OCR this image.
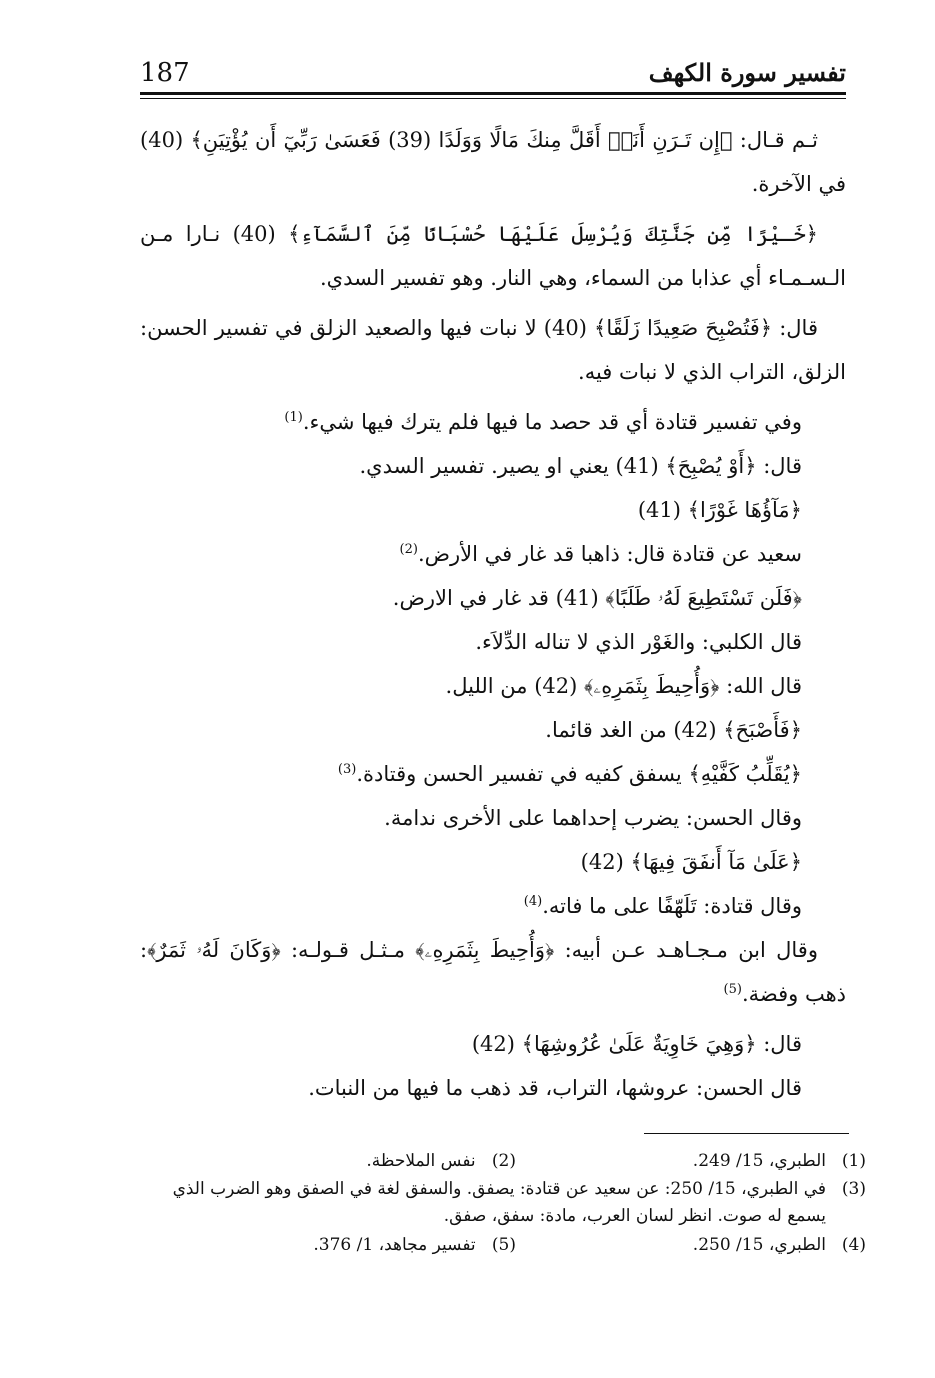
187	تفسير سورة الكهف

ثـم قـال: ﴿إِن تَـرَنِ أَنَا۠ أَقَلَّ مِنكَ مَالًا وَوَلَدًا (39) فَعَسَىٰ رَبِّيٓ أَن يُؤْتِيَنِ﴾ (40) في الآخرة.

﴿خَـيْرًا مِّن جَنَّتِكَ وَيُرْسِلَ عَلَيْهَا حُسْبَانًا مِّنَ ٱلسَّمَآءِ﴾ (40) نـارا مـن الـسـمـاء أي عذابا من السماء، وهي النار. وهو تفسير السدي.

قال: ﴿فَتُصْبِحَ صَعِيدًا زَلَقًا﴾ (40) لا نبات فيها والصعيد الزلق في تفسير الحسن: الزلق، التراب الذي لا نبات فيه.

وفي تفسير قتادة أي قد حصد ما فيها فلم يترك فيها شيء.$^{(1)}$
قال: ﴿أَوْ يُصْبِحَ﴾ (41) يعني او يصير. تفسير السدي.
﴿مَآؤُهَا غَوْرًا﴾ (41)
سعيد عن قتادة قال: ذاهبا قد غار في الأرض.$^{(2)}$
﴿فَلَن تَسْتَطِيعَ لَهُۥ طَلَبًا﴾ (41) قد غار في الارض.
قال الكلبي: والغَوْر الذي لا تناله الدِّلاَء.
قال الله: ﴿وَأُحِيطَ بِثَمَرِهِۦ﴾ (42) من الليل.
﴿فَأَصْبَحَ﴾ (42) من الغد قائما.
﴿يُقَلِّبُ كَفَّيْهِ﴾ يسفق كفيه في تفسير الحسن وقتادة.$^{(3)}$
وقال الحسن: يضرب إحداهما على الأخرى ندامة.
﴿عَلَىٰ مَآ أَنفَقَ فِيهَا﴾ (42)
وقال قتادة: تَلَهّفًا على ما فاته.$^{(4)}$

وقال ابن مـجـاهـد عـن أبيه: ﴿وَأُحِيطَ بِثَمَرِهِۦ﴾ مـثـل قـولـه: ﴿وَكَانَ لَهُۥ ثَمَرٌ﴾: ذهب وفضة.$^{(5)}$

قال: ﴿وَهِيَ خَاوِيَةٌ عَلَىٰ عُرُوشِهَا﴾ (42)
قال الحسن: عروشها، التراب، قد ذهب ما فيها من النبات.
(1)
الطبري، 15/ 249.
(2)   نفس الملاحظة.
(3)
في الطبري، 15/ 250: عن سعيد عن قتادة: يصفق. والسفق لغة في الصفق وهو الضرب الذي يسمع له صوت. انظر لسان العرب، مادة: سفق، صفق.
(4)
الطبري، 15/ 250.
(5)   تفسير مجاهد، 1/ 376.
